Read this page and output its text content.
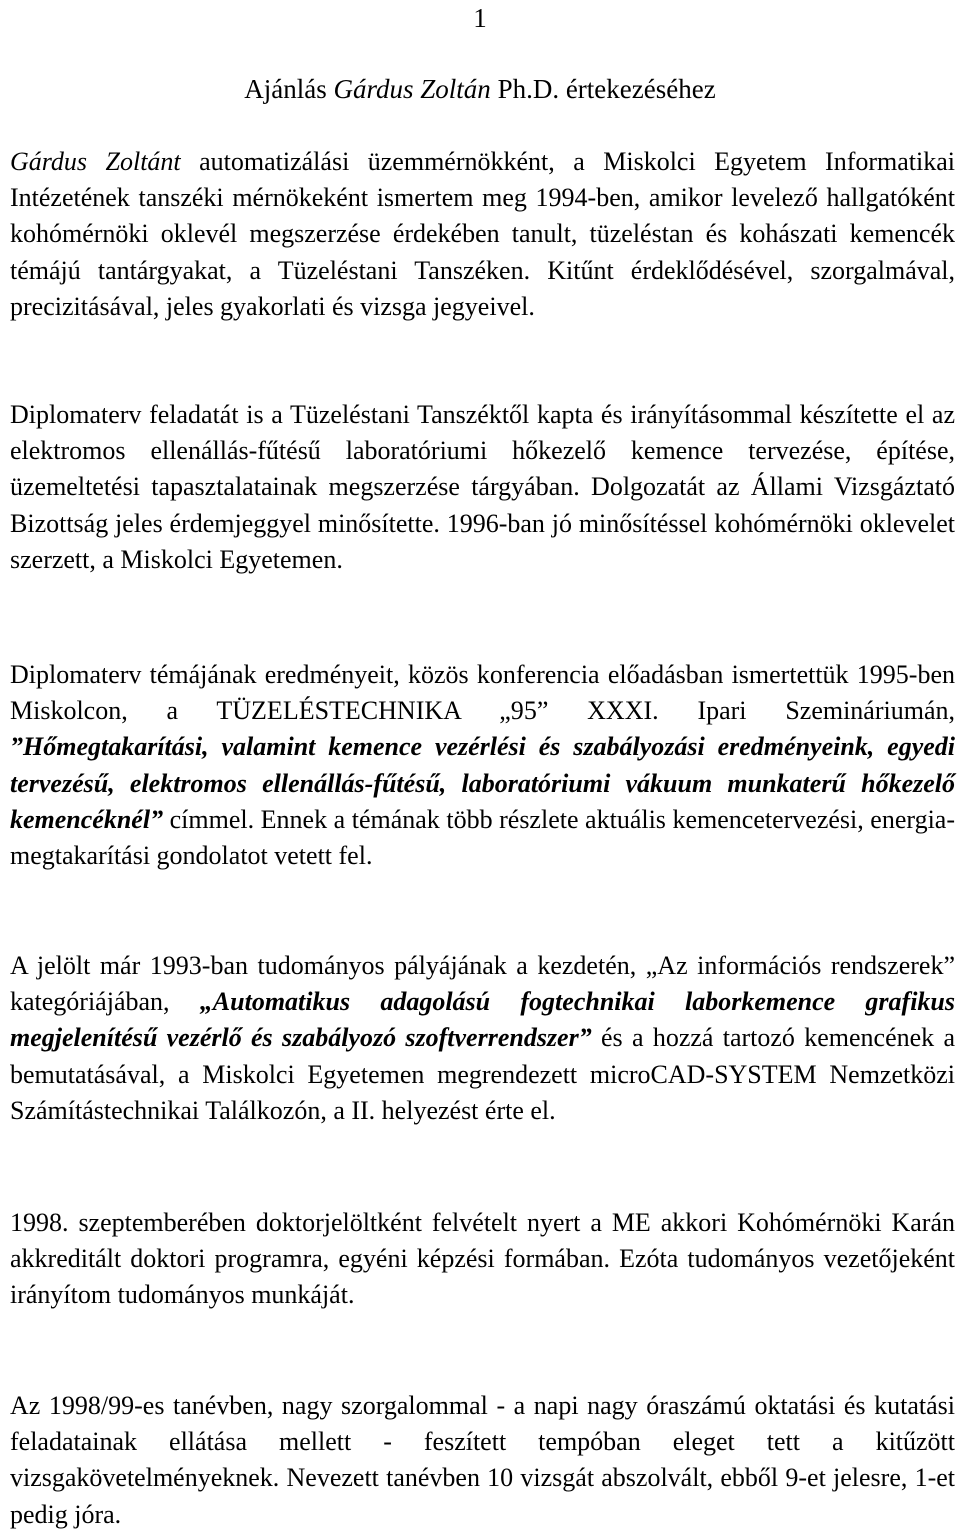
1
Ajánlás Gárdus Zoltán Ph.D. értekezéséhez

Gárdus Zoltánt automatizálási üzemmérnökként, a Miskolci Egyetem Informatikai Intézetének tanszéki mérnökeként ismertem meg 1994-ben, amikor levelező hallgatóként kohómérnöki oklevél megszerzése érdekében tanult, tüzeléstan és kohászati kemencék témájú tantárgyakat, a Tüzeléstani Tanszéken. Kitűnt érdeklődésével, szorgalmával, precizitásával, jeles gyakorlati és vizsga jegyeivel.

Diplomaterv feladatát is a Tüzeléstani Tanszéktől kapta és irányításommal készítette el az elektromos ellenállás-fűtésű laboratóriumi hőkezelő kemence tervezése, építése, üzemeltetési tapasztalatainak megszerzése tárgyában. Dolgozatát az Állami Vizsgáztató Bizottság jeles érdemjeggyel minősítette. 1996-ban jó minősítéssel kohómérnöki oklevelet szerzett, a Miskolci Egyetemen.

Diplomaterv témájának eredményeit, közös konferencia előadásban ismertettük 1995-ben Miskolcon, a TÜZELÉSTECHNIKA „95” XXXI. Ipari Szemináriumán, ”Hőmegtakarítási, valamint kemence vezérlési és szabályozási eredményeink, egyedi tervezésű, elektromos ellenállás-fűtésű, laboratóriumi vákuum munkaterű hőkezelő kemencéknél” címmel. Ennek a témának több részlete aktuális kemencetervezési, energia-megtakarítási gondolatot vetett fel.

A jelölt már 1993-ban tudományos pályájának a kezdetén, „Az információs rendszerek” kategóriájában, „Automatikus adagolású fogtechnikai laborkemence grafikus megjelenítésű vezérlő és szabályozó szoftverrendszer” és a hozzá tartozó kemencének a bemutatásával, a Miskolci Egyetemen megrendezett microCAD-SYSTEM Nemzetközi Számítástechnikai Találkozón, a II. helyezést érte el.

1998. szeptemberében doktorjelöltként felvételt nyert a ME akkori Kohómérnöki Karán akkreditált doktori programra, egyéni képzési formában. Ezóta tudományos vezetőjeként irányítom tudományos munkáját.

Az 1998/99-es tanévben, nagy szorgalommal - a napi nagy óraszámú oktatási és kutatási feladatainak ellátása mellett - feszített tempóban eleget tett a kitűzött vizsgakövetelményeknek. Nevezett tanévben 10 vizsgát abszolvált, ebből 9-et jelesre, 1-et pedig jóra.
